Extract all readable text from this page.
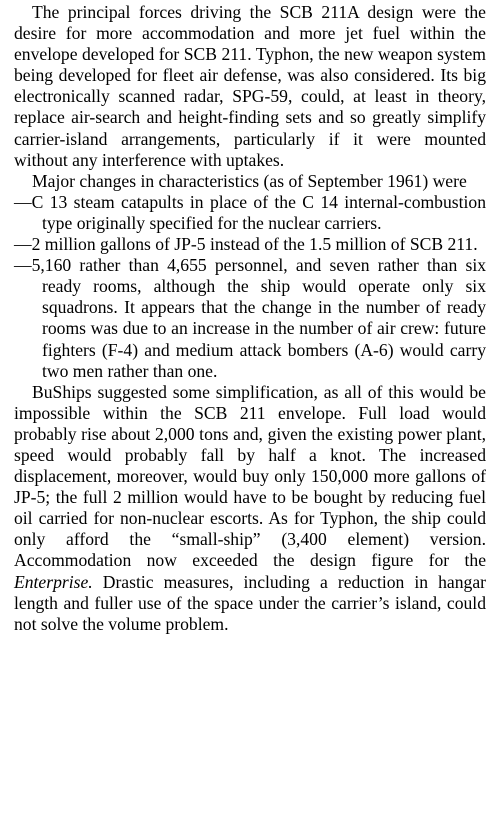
The principal forces driving the SCB 211A design were the desire for more accommodation and more jet fuel within the envelope developed for SCB 211. Typhon, the new weapon system being developed for fleet air defense, was also considered. Its big electronically scanned radar, SPG-59, could, at least in theory, replace air-search and height-finding sets and so greatly simplify carrier-island arrangements, particularly if it were mounted without any interference with uptakes.

Major changes in characteristics (as of September 1961) were

—C 13 steam catapults in place of the C 14 internal-combustion type originally specified for the nuclear carriers.

—2 million gallons of JP-5 instead of the 1.5 million of SCB 211.

—5,160 rather than 4,655 personnel, and seven rather than six ready rooms, although the ship would operate only six squadrons. It appears that the change in the number of ready rooms was due to an increase in the number of air crew: future fighters (F-4) and medium attack bombers (A-6) would carry two men rather than one.

BuShips suggested some simplification, as all of this would be impossible within the SCB 211 envelope. Full load would probably rise about 2,000 tons and, given the existing power plant, speed would probably fall by half a knot. The increased displacement, moreover, would buy only 150,000 more gallons of JP-5; the full 2 million would have to be bought by reducing fuel oil carried for non-nuclear escorts. As for Typhon, the ship could only afford the “small-ship” (3,400 element) version. Accommodation now exceeded the design figure for the Enterprise. Drastic measures, including a reduction in hangar length and fuller use of the space under the carrier’s island, could not solve the volume problem.
